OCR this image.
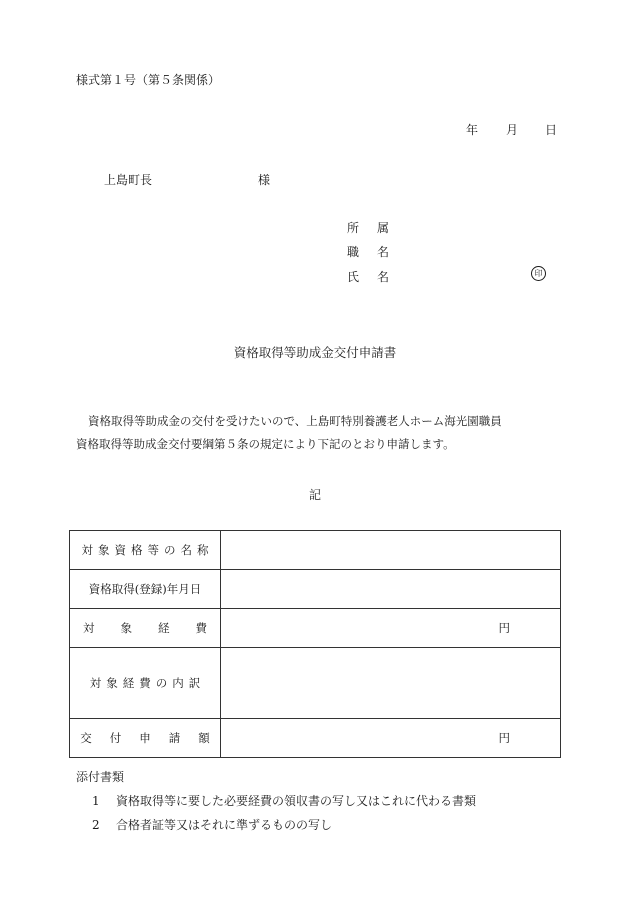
様式第１号（第５条関係）
年 月 日
上島町長	様
所属
職名
氏名	印
資格取得等助成金交付申請書
資格取得等助成金の交付を受けたいので、上島町特別養護老人ホーム海光園職員
資格取得等助成金交付要綱第５条の規定により下記のとおり申請します。
記
対象資格等の名称	
資格取得(登録)年月日	
対象経費	円

対象経費の内訳	
交付申請額	円
添付書類
1 資格取得等に要した必要経費の領収書の写し又はこれに代わる書類
2 合格者証等又はそれに準ずるものの写し
